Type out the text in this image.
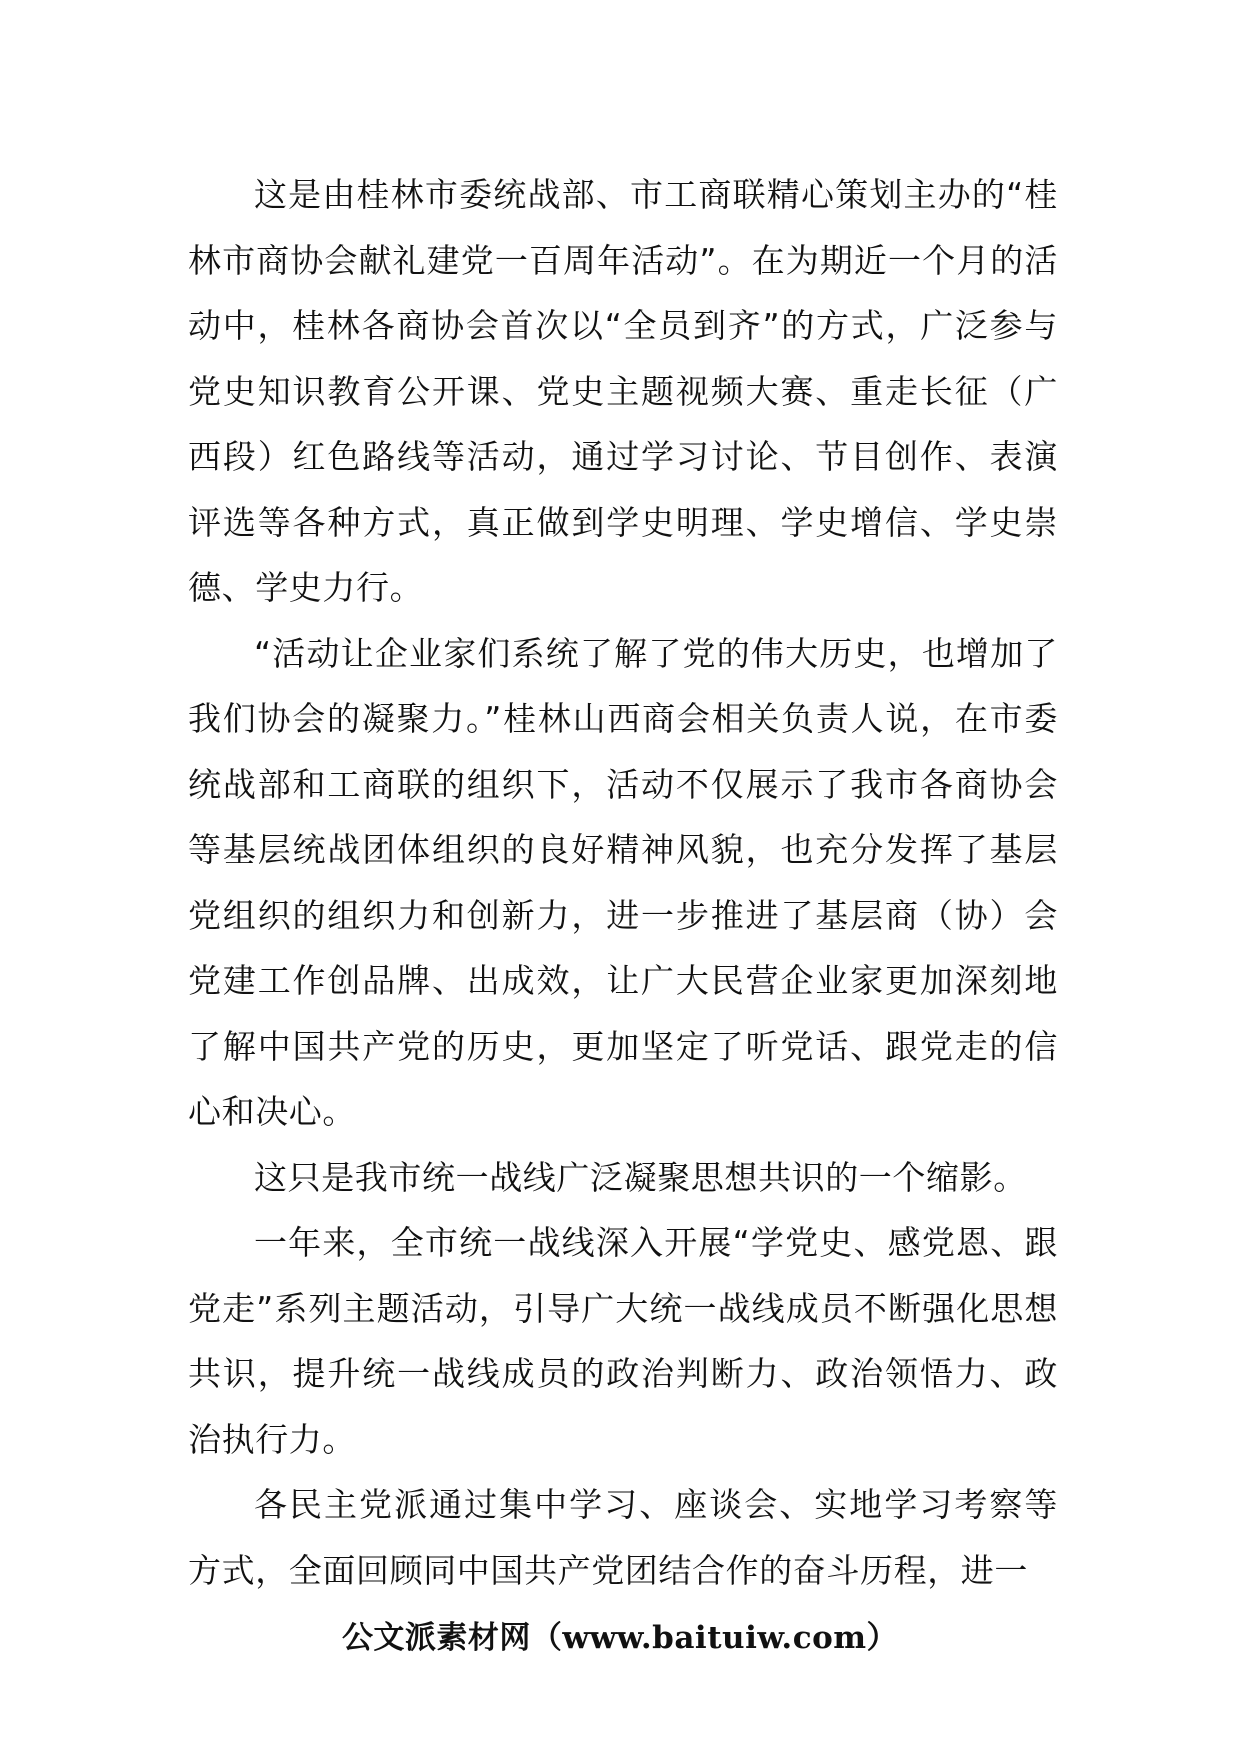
这是由桂林市委统战部、市工商联精心策划主办的“桂林市商协会献礼建党一百周年活动”。在为期近一个月的活动中，桂林各商协会首次以“全员到齐”的方式，广泛参与党史知识教育公开课、党史主题视频大赛、重走长征（广西段）红色路线等活动，通过学习讨论、节目创作、表演评选等各种方式，真正做到学史明理、学史增信、学史崇德、学史力行。

“活动让企业家们系统了解了党的伟大历史，也增加了我们协会的凝聚力。”桂林山西商会相关负责人说，在市委统战部和工商联的组织下，活动不仅展示了我市各商协会等基层统战团体组织的良好精神风貌，也充分发挥了基层党组织的组织力和创新力，进一步推进了基层商（协）会党建工作创品牌、出成效，让广大民营企业家更加深刻地了解中国共产党的历史，更加坚定了听党话、跟党走的信心和决心。

这只是我市统一战线广泛凝聚思想共识的一个缩影。

一年来，全市统一战线深入开展“学党史、感党恩、跟党走”系列主题活动，引导广大统一战线成员不断强化思想共识，提升统一战线成员的政治判断力、政治领悟力、政治执行力。

各民主党派通过集中学习、座谈会、实地学习考察等方式，全面回顾同中国共产党团结合作的奋斗历程，进一

公文派素材网（www.baituiw.com）
